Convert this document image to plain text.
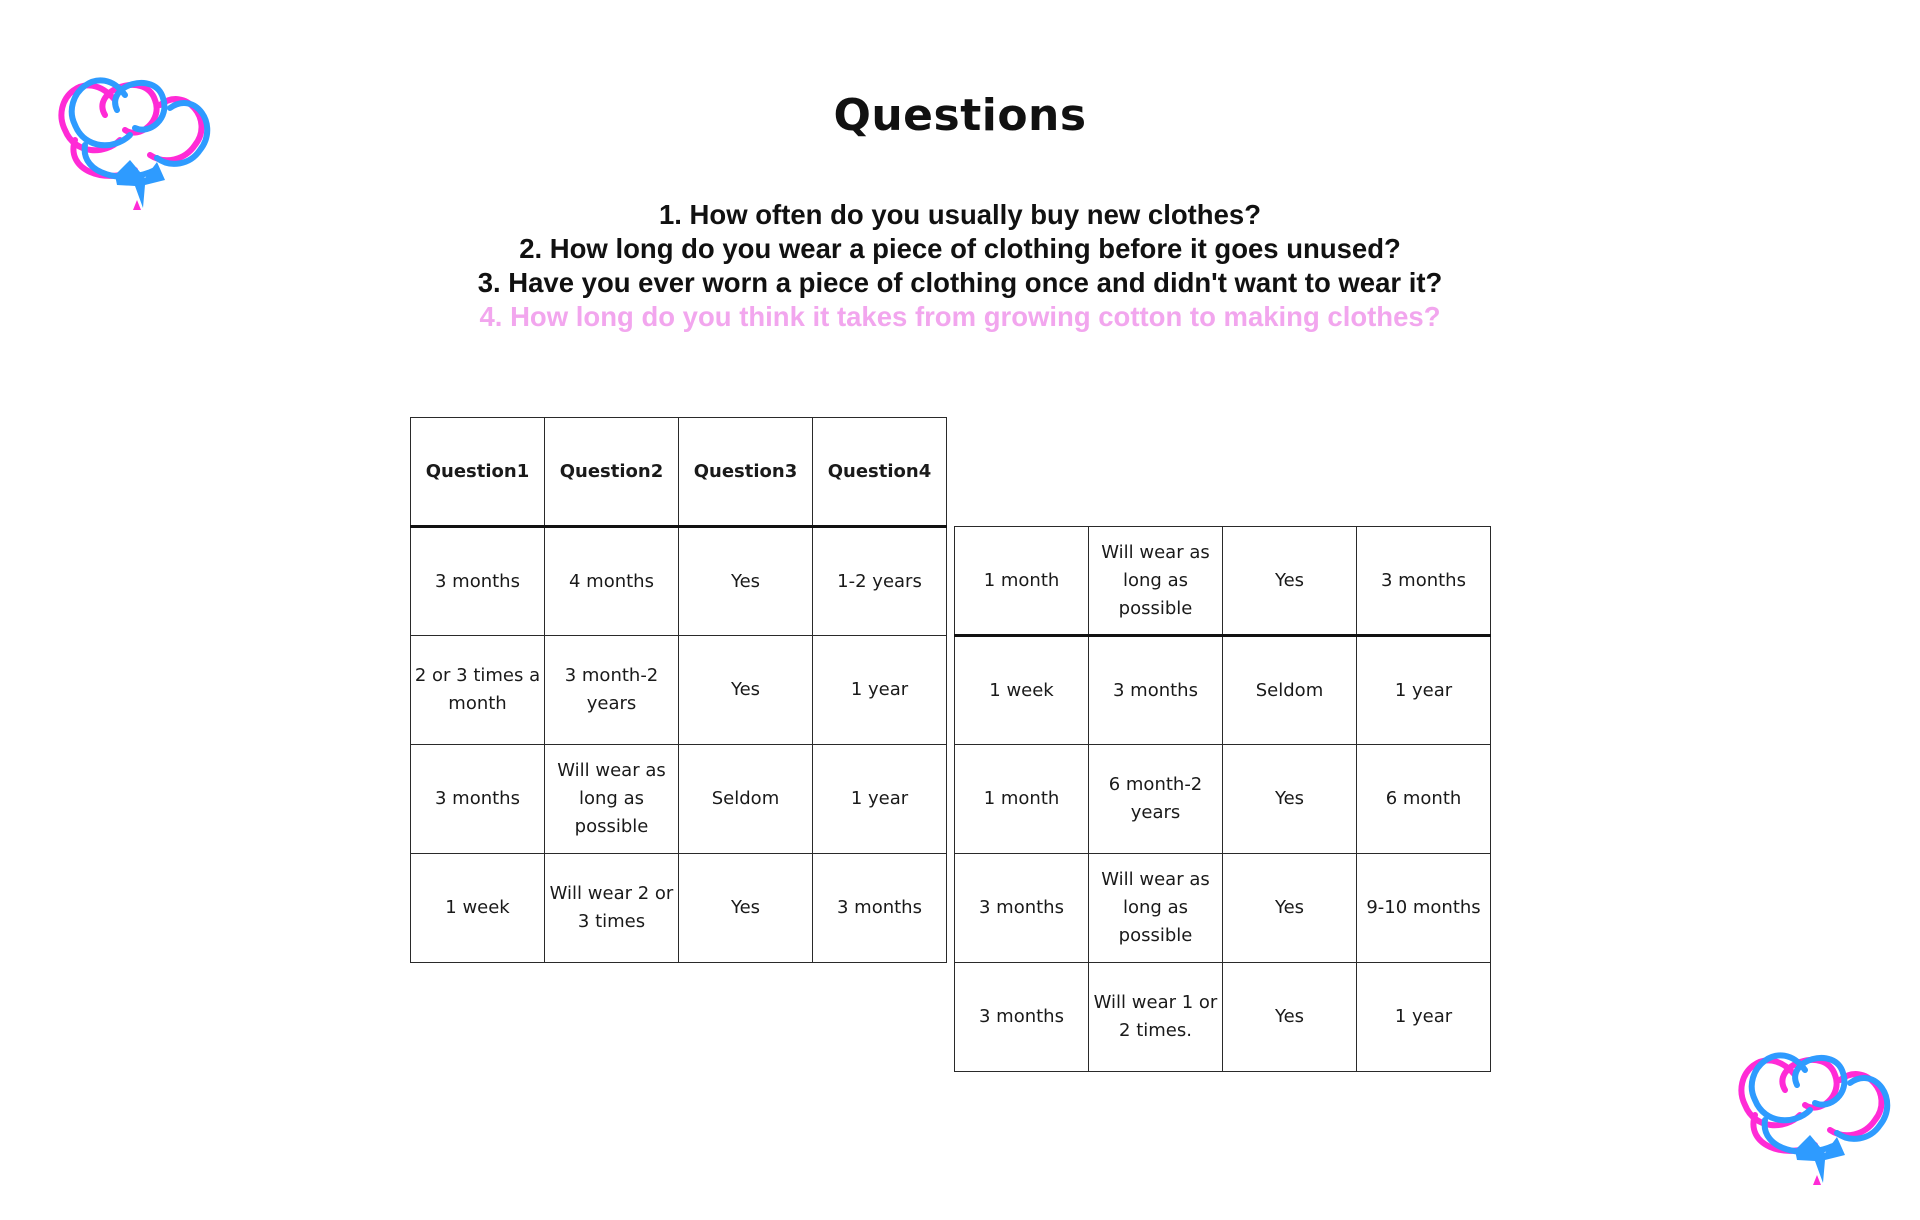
Questions
1. How often do you usually buy new clothes?
2. How long do you wear a piece of clothing before it goes unused?
3. Have you ever worn a piece of clothing once and didn't want to wear it?
4. How long do you think it takes from growing cotton to making clothes?
Question1	Question2	Question3	Question4
3 months	4 months	Yes	1-2 years
2 or 3 times a month	3 month-2 years	Yes	1 year
3 months	Will wear as long as possible	Seldom	1 year
1 week	Will wear 2 or 3 times	Yes	3 months
1 month	Will wear as long as possible	Yes	3 months
1 week	3 months	Seldom	1 year
1 month	6 month-2 years	Yes	6 month
3 months	Will wear as long as possible	Yes	9-10 months
3 months	Will wear 1 or 2 times.	Yes	1 year
